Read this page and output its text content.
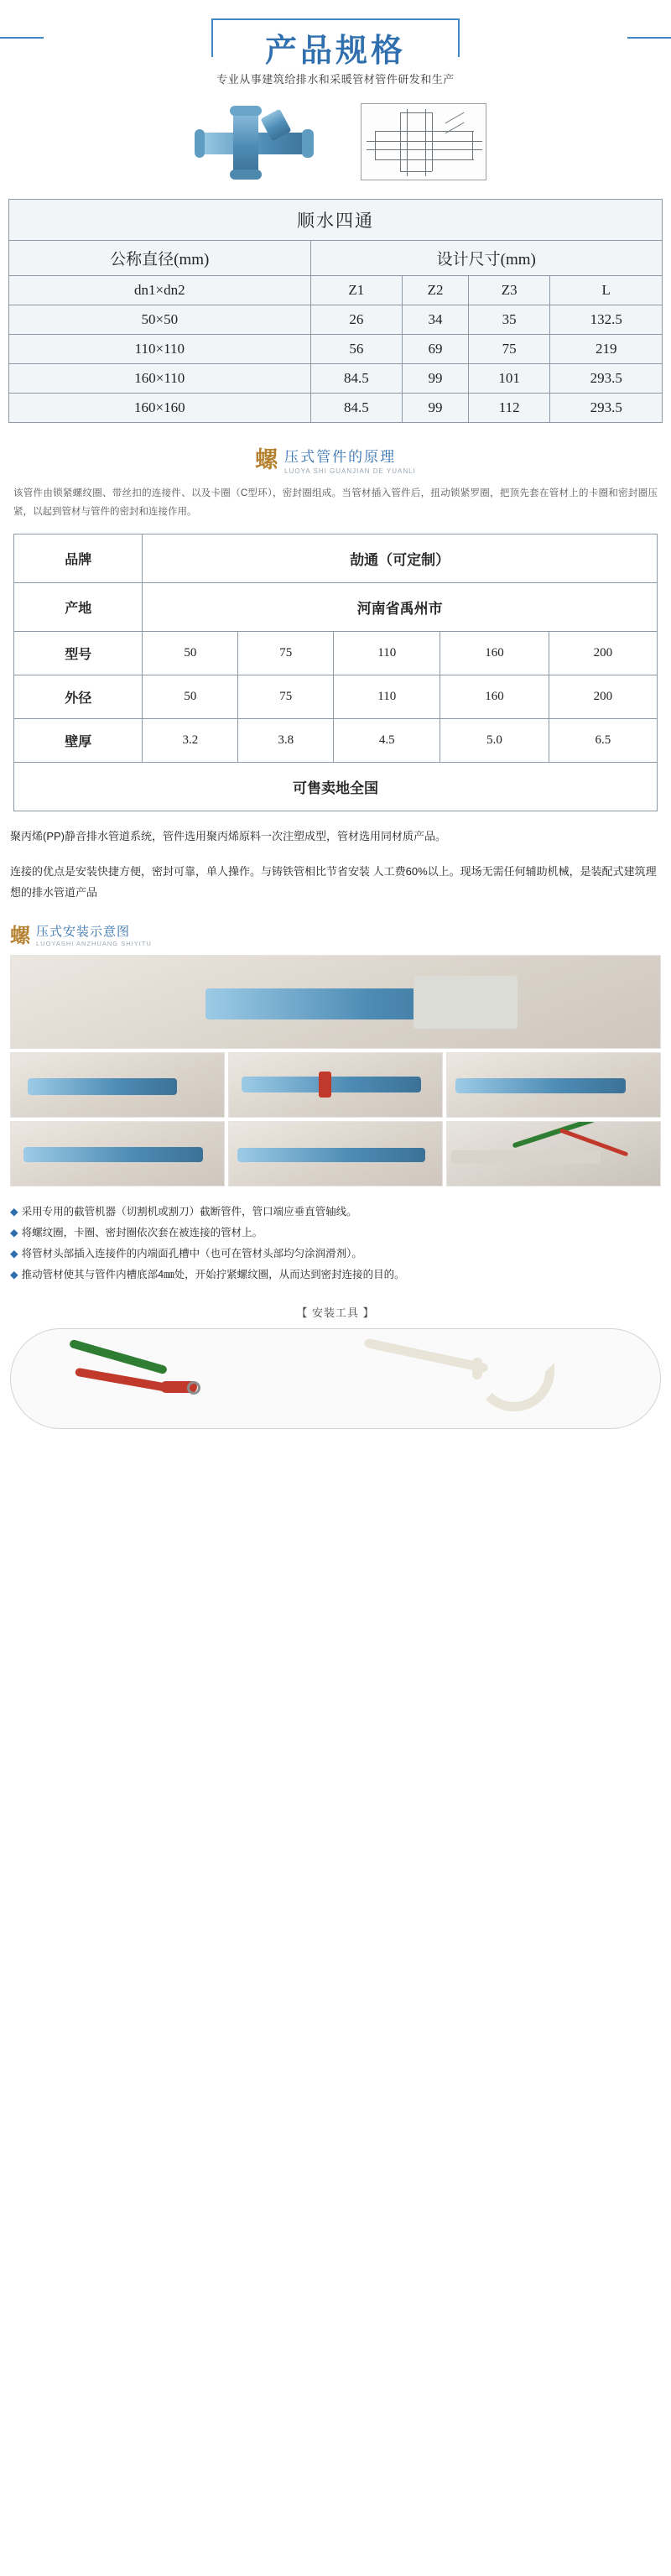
产品规格
专业从事建筑给排水和采暖管材管件研发和生产
顺水四通				
公称直径(mm)	设计尺寸(mm)			
dn1×dn2	Z1	Z2	Z3	L
50×50	26	34	35	132.5
110×110	56	69	75	219
160×110	84.5	99	101	293.5
160×160	84.5	99	112	293.5
螺 压式管件的原理
LUOYA SHI GUANJIAN DE YUANLI
该管件由锁紧螺纹圈、带丝扣的连接件、以及卡圈（C型环），密封圈组成。当管材插入管件后，扭动锁紧罗圈，把顶先套在管材上的卡圈和密封圈压紧，以起到管材与管件的密封和连接作用。
品牌	劼通（可定制）				
产地	河南省禹州市				
型号	50	75	110	160	200
外径	50	75	110	160	200
壁厚	3.2	3.8	4.5	5.0	6.5
可售卖地全国					
聚丙烯(PP)静音排水管道系统，管件选用聚丙烯原料一次注塑成型，管材选用同材质产品。
连接的优点是安装快捷方便，密封可靠，单人操作。与铸铁管相比节省安装 人工费60%以上。现场无需任何辅助机械，是装配式建筑理想的排水管道产品
螺 压式安装示意图
LUOYASHI ANZHUANG SHIYITU
◆ 采用专用的截管机器（切割机或割刀）截断管件，管口端应垂直管轴线。
◆ 将螺纹圈，卡圈、密封圈依次套在被连接的管材上。
◆ 将管材头部插入连接件的内端面孔槽中（也可在管材头部均匀涂润滑剂）。
◆ 推动管材使其与管件内槽底部4㎜处，开始拧紧螺纹圈，从而达到密封连接的目的。
【 安装工具 】
